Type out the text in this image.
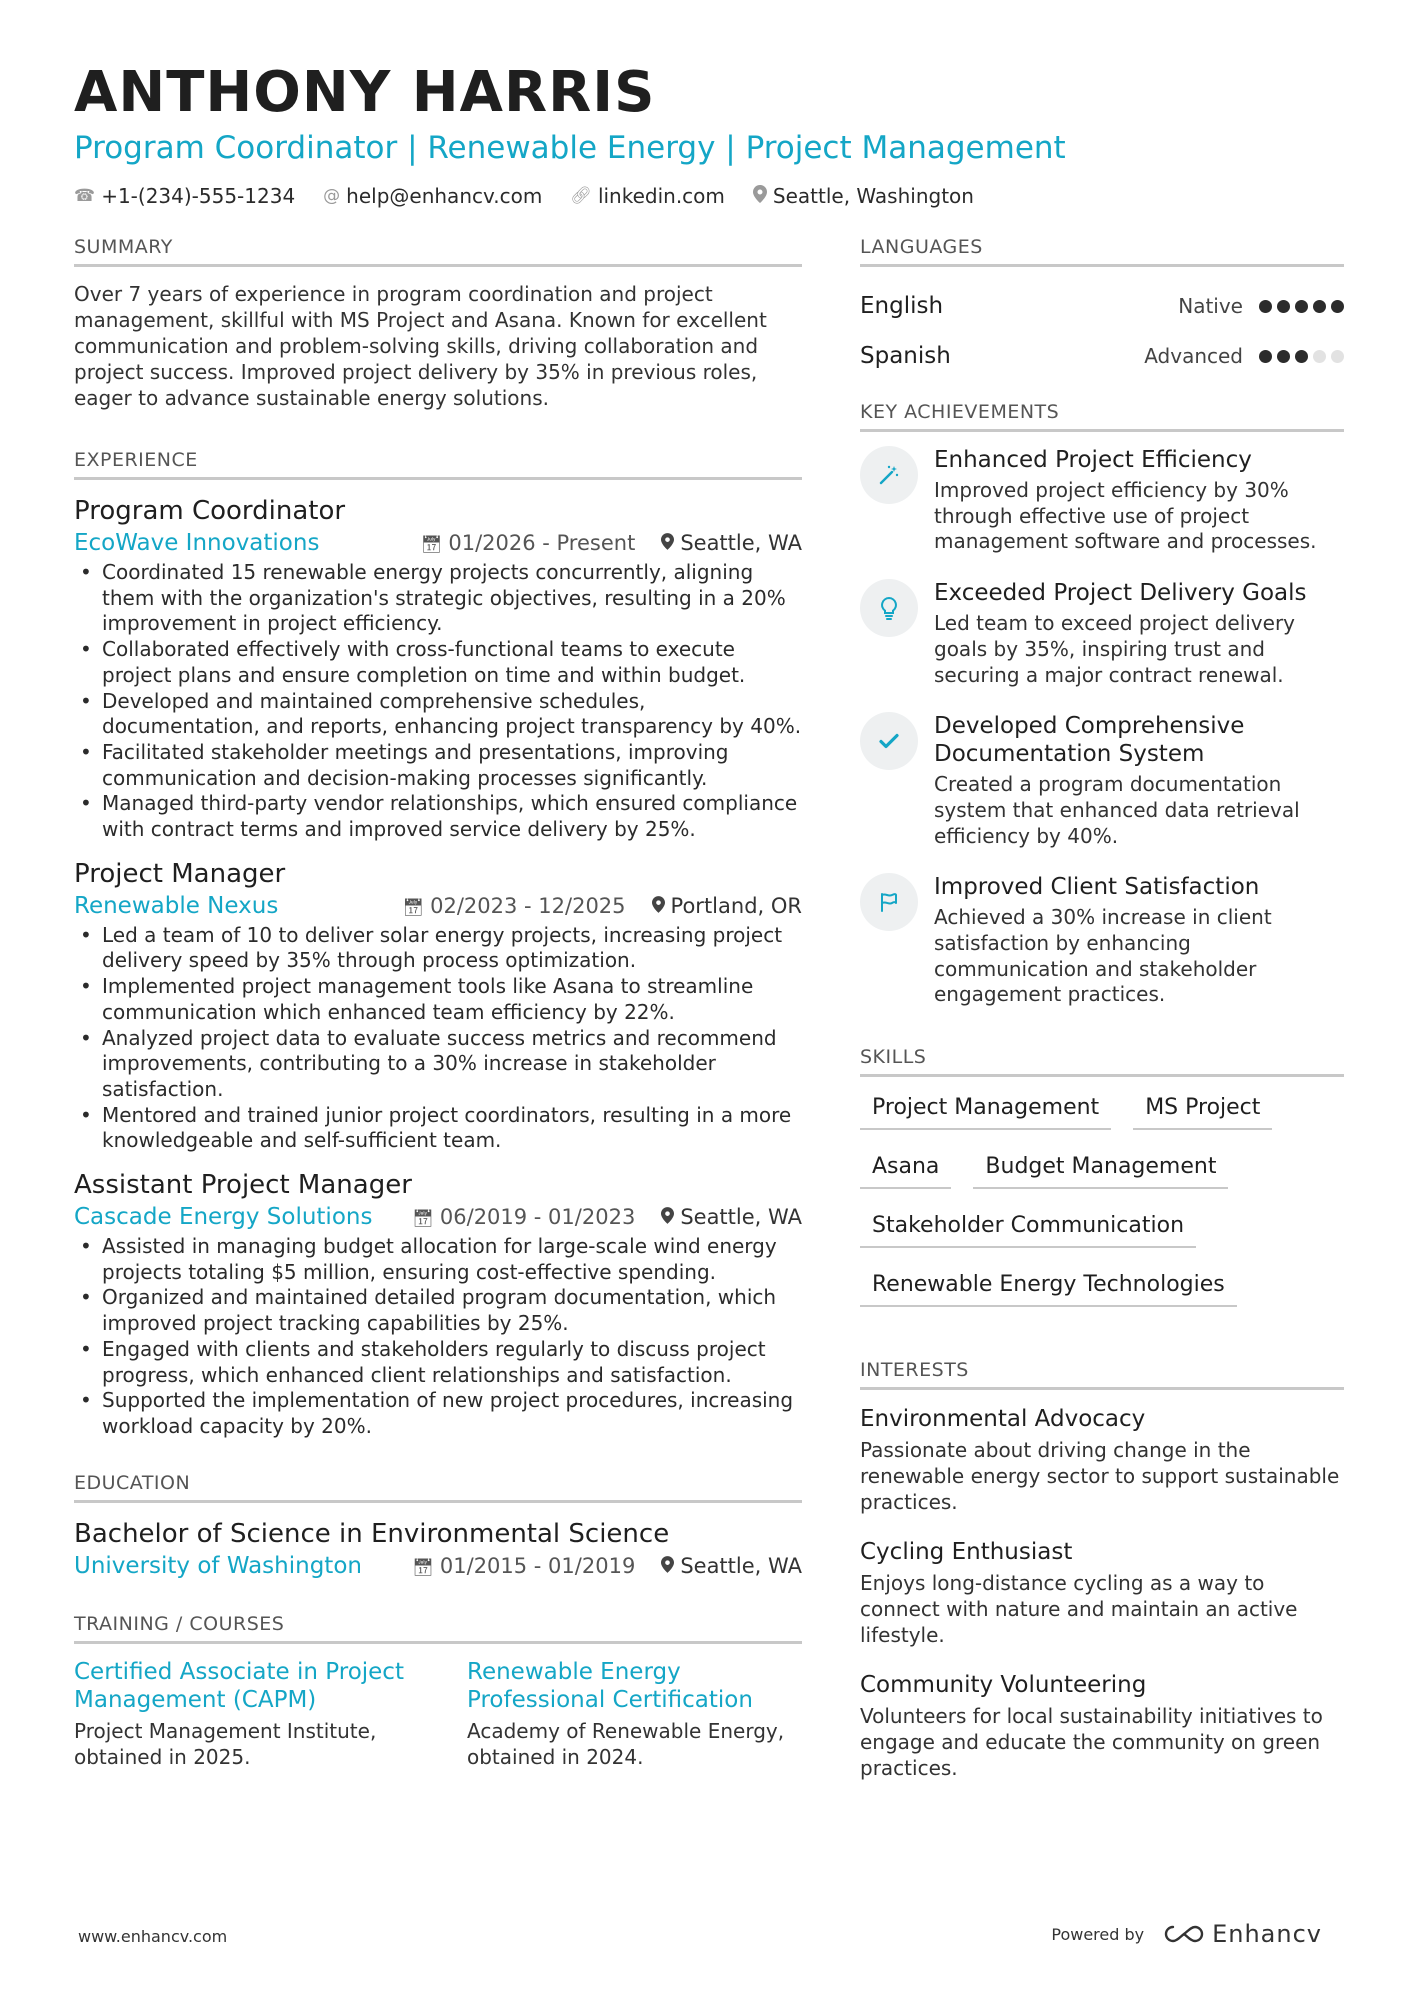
ANTHONY HARRIS
Program Coordinator | Renewable Energy | Project Management
☎ +1-(234)-555-1234 @ help@enhancv.com 🔗︎ linkedin.com Seattle, Washington
SUMMARY
Over 7 years of experience in program coordination and project management, skillful with MS Project and Asana. Known for excellent communication and problem-solving skills, driving collaboration and project success. Improved project delivery by 35% in previous roles, eager to advance sustainable energy solutions.
EXPERIENCE
Program Coordinator
EcoWave Innovations	📅︎ 01/2026 - Present	Seattle, WA
• Coordinated 15 renewable energy projects concurrently, aligning them with the organization's strategic objectives, resulting in a 20% improvement in project efficiency.
• Collaborated effectively with cross-functional teams to execute project plans and ensure completion on time and within budget.
• Developed and maintained comprehensive schedules, documentation, and reports, enhancing project transparency by 40%.
• Facilitated stakeholder meetings and presentations, improving communication and decision-making processes significantly.
• Managed third-party vendor relationships, which ensured compliance with contract terms and improved service delivery by 25%.
Project Manager
Renewable Nexus	📅︎ 02/2023 - 12/2025	Portland, OR
• Led a team of 10 to deliver solar energy projects, increasing project delivery speed by 35% through process optimization.
• Implemented project management tools like Asana to streamline communication which enhanced team efficiency by 22%.
• Analyzed project data to evaluate success metrics and recommend improvements, contributing to a 30% increase in stakeholder satisfaction.
• Mentored and trained junior project coordinators, resulting in a more knowledgeable and self-sufficient team.
Assistant Project Manager
Cascade Energy Solutions 📅︎ 06/2019 - 01/2023	Seattle, WA
• Assisted in managing budget allocation for large-scale wind energy projects totaling $5 million, ensuring cost-effective spending.
• Organized and maintained detailed program documentation, which improved project tracking capabilities by 25%.
• Engaged with clients and stakeholders regularly to discuss project progress, which enhanced client relationships and satisfaction.
• Supported the implementation of new project procedures, increasing workload capacity by 20%.
EDUCATION
Bachelor of Science in Environmental Science
University of Washington	📅︎ 01/2015 - 01/2019	Seattle, WA
TRAINING / COURSES
Certified Associate in Project Management (CAPM)
Project Management Institute, obtained in 2025.
Renewable Energy Professional Certification
Academy of Renewable Energy, obtained in 2024.
LANGUAGES
English	Native
Spanish	Advanced
KEY ACHIEVEMENTS
Enhanced Project Efficiency
Improved project efficiency by 30% through effective use of project management software and processes.
Exceeded Project Delivery Goals
Led team to exceed project delivery goals by 35%, inspiring trust and securing a major contract renewal.
Developed Comprehensive Documentation System
Created a program documentation system that enhanced data retrieval efficiency by 40%.
Improved Client Satisfaction
Achieved a 30% increase in client satisfaction by enhancing communication and stakeholder engagement practices.
SKILLS
Project Management	MS Project
Asana	Budget Management
Stakeholder Communication
Renewable Energy Technologies
INTERESTS
Environmental Advocacy
Passionate about driving change in the renewable energy sector to support sustainable practices.
Cycling Enthusiast
Enjoys long-distance cycling as a way to connect with nature and maintain an active lifestyle.
Community Volunteering
Volunteers for local sustainability initiatives to engage and educate the community on green practices.
www.enhancv.com	Powered by	Enhancv
